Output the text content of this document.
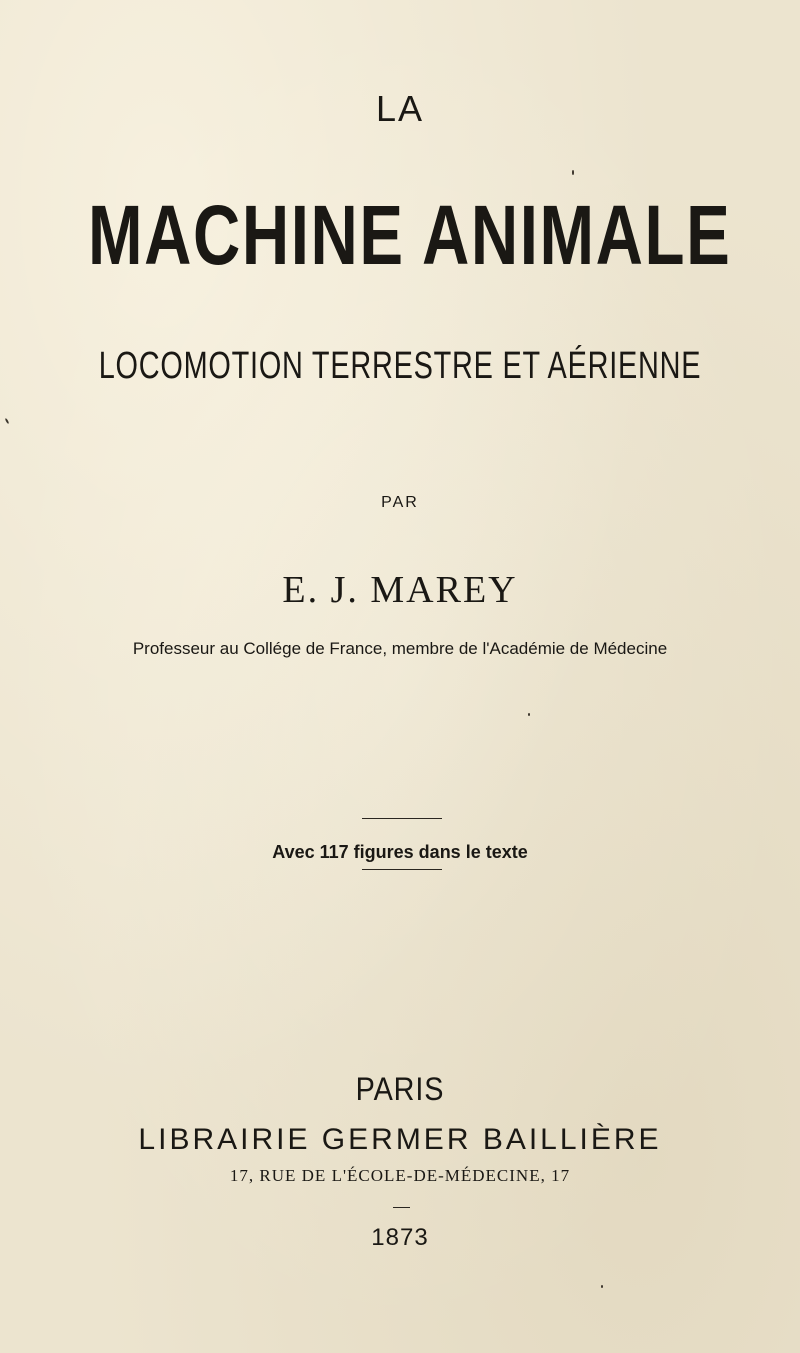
LA
MACHINE ANIMALE
LOCOMOTION TERRESTRE ET AÉRIENNE
PAR
E. J. MAREY
Professeur au Collége de France, membre de l'Académie de Médecine
Avec 117 figures dans le texte
PARIS
LIBRAIRIE GERMER BAILLIÈRE
17, RUE DE L'ÉCOLE-DE-MÉDECINE, 17
1873
